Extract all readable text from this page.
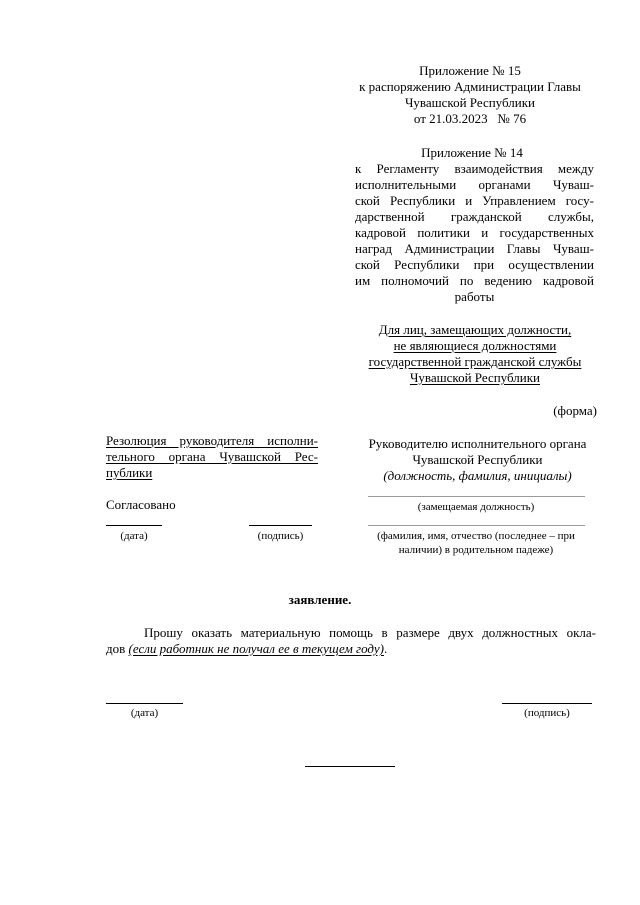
Приложение № 15
к распоряжению Администрации Главы
Чувашской Республики
от 21.03.2023   № 76
Приложение № 14
к Регламенту взаимодействия между
исполнительными органами Чуваш-
ской Республики и Управлением госу-
дарственной гражданской службы,
кадровой политики и государственных
наград Администрации Главы Чуваш-
ской Республики при осуществлении
им полномочий по ведению кадровой
работы
Для лиц, замещающих должности,
не являющиеся должностями
государственной гражданской службы
Чувашской Республики
(форма)
Резолюция руководителя исполни-
тельного органа Чувашской Рес-
публики
Руководителю исполнительного органа
Чувашской Республики
(должность, фамилия, инициалы)
Согласовано
(дата)	(подпись)
(замещаемая должность)
(фамилия, имя, отчество (последнее – при
наличии) в родительном падеже)
заявление.
Прошу оказать материальную помощь в размере двух должностных окла-
дов (если работник не получал ее в текущем году).
(дата)	(подпись)
